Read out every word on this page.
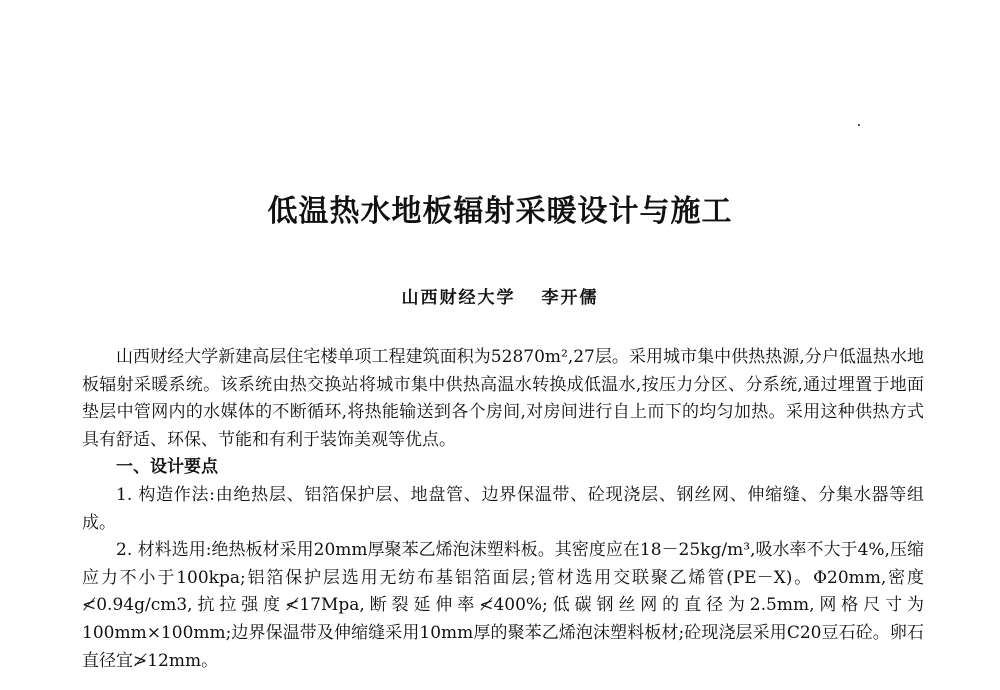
低温热水地板辐射采暖设计与施工
山西财经大学 李开儒

山西财经大学新建高层住宅楼单项工程建筑面积为52870m²,27层。采用城市集中供热热源,分户低温热水地板辐射采暖系统。该系统由热交换站将城市集中供热高温水转换成低温水,按压力分区、分系统,通过埋置于地面垫层中管网内的水媒体的不断循环,将热能输送到各个房间,对房间进行自上而下的均匀加热。采用这种供热方式具有舒适、环保、节能和有利于装饰美观等优点。

一、设计要点

1. 构造作法:由绝热层、铝箔保护层、地盘管、边界保温带、砼现浇层、钢丝网、伸缩缝、分集水器等组成。

2. 材料选用:绝热板材采用20mm厚聚苯乙烯泡沫塑料板。其密度应在18－25kg/m³,吸水率不大于4%,压缩应力不小于100kpa;铝箔保护层选用无纺布基铝箔面层;管材选用交联聚乙烯管(PE－X)。Φ20mm,密度≮0.94g/cm3,抗拉强度≮17Mpa,断裂延伸率≮400%;低碳钢丝网的直径为2.5mm,网格尺寸为100mm×100mm;边界保温带及伸缩缝采用10mm厚的聚苯乙烯泡沫塑料板材;砼现浇层采用C20豆石砼。卵石直径宜≯12mm。
